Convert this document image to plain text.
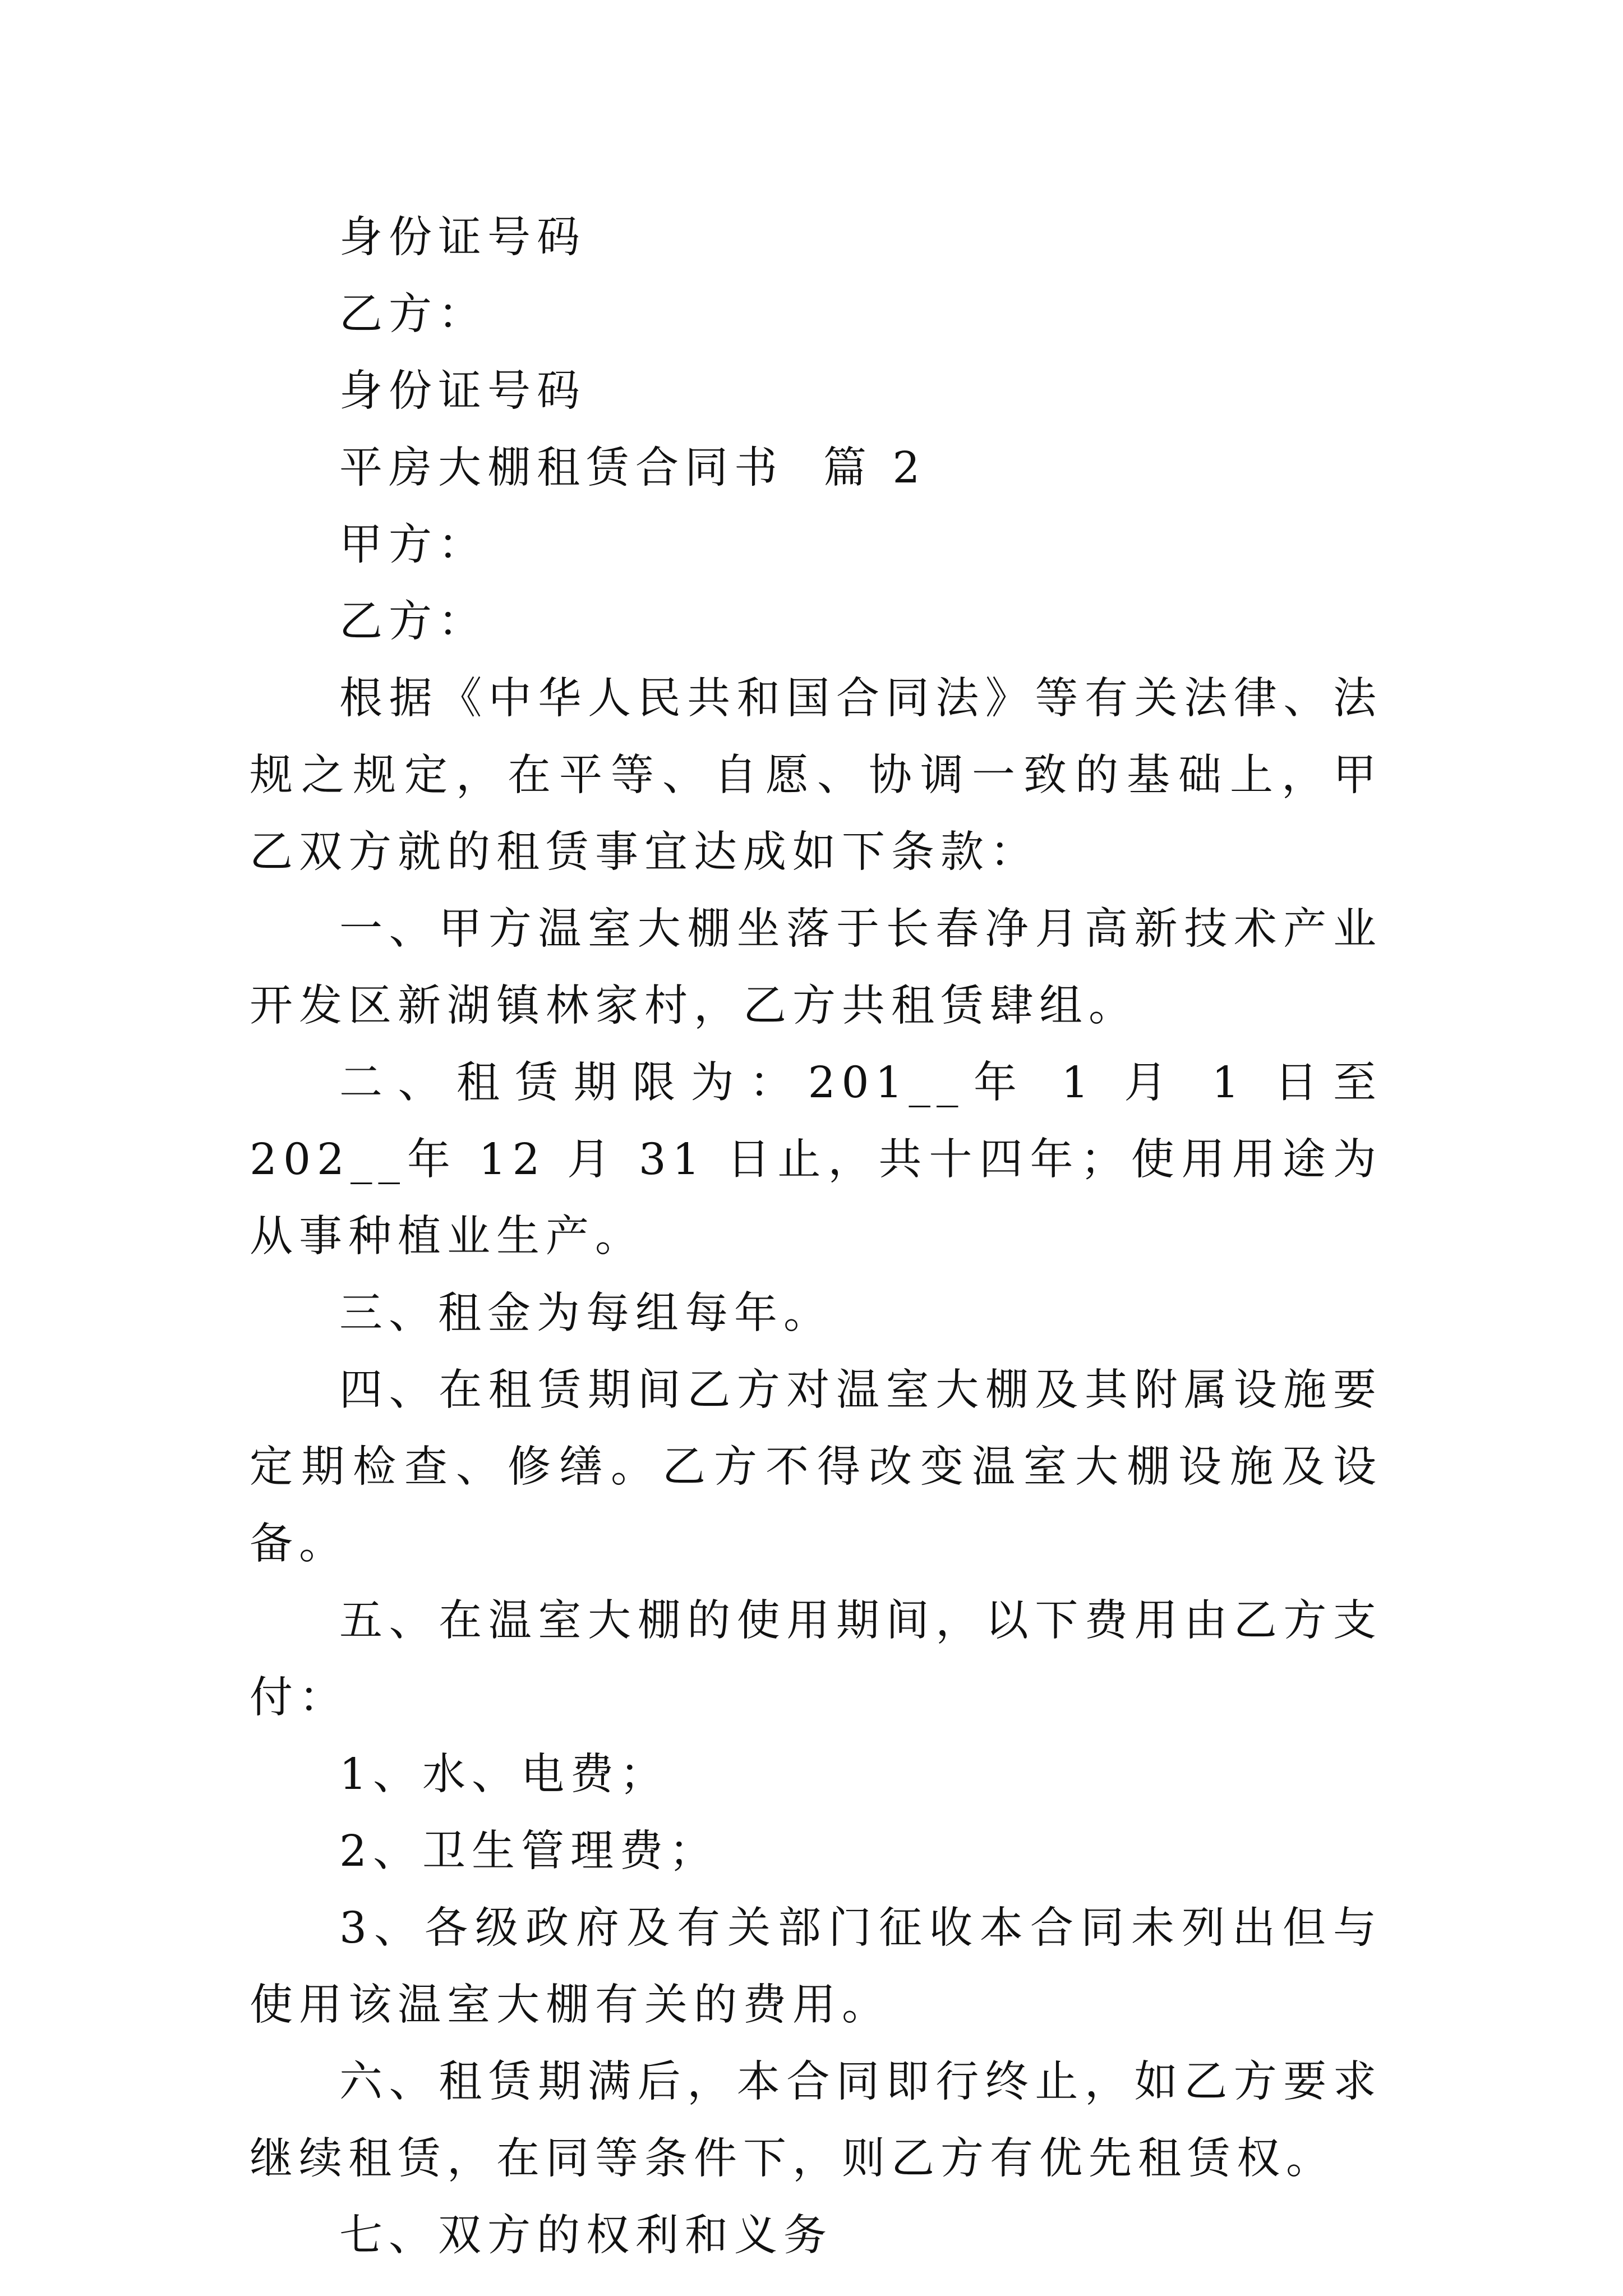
身份证号码

乙方：

身份证号码

平房大棚租赁合同书  篇 2

甲方：

乙方：

根据《中华人民共和国合同法》等有关法律、法规之规定，在平等、自愿、协调一致的基础上，甲乙双方就的租赁事宜达成如下条款：

一、甲方温室大棚坐落于长春净月高新技术产业开发区新湖镇林家村，乙方共租赁肆组。

二、租赁期限为：201__年 1 月 1 日至 202__年 12 月 31 日止，共十四年；使用用途为从事种植业生产。

三、租金为每组每年。

四、在租赁期间乙方对温室大棚及其附属设施要定期检查、修缮。乙方不得改变温室大棚设施及设备。

五、在温室大棚的使用期间，以下费用由乙方支付：

1、水、电费；

2、卫生管理费；

3、各级政府及有关部门征收本合同未列出但与使用该温室大棚有关的费用。

六、租赁期满后，本合同即行终止，如乙方要求继续租赁，在同等条件下，则乙方有优先租赁权。

七、双方的权利和义务
